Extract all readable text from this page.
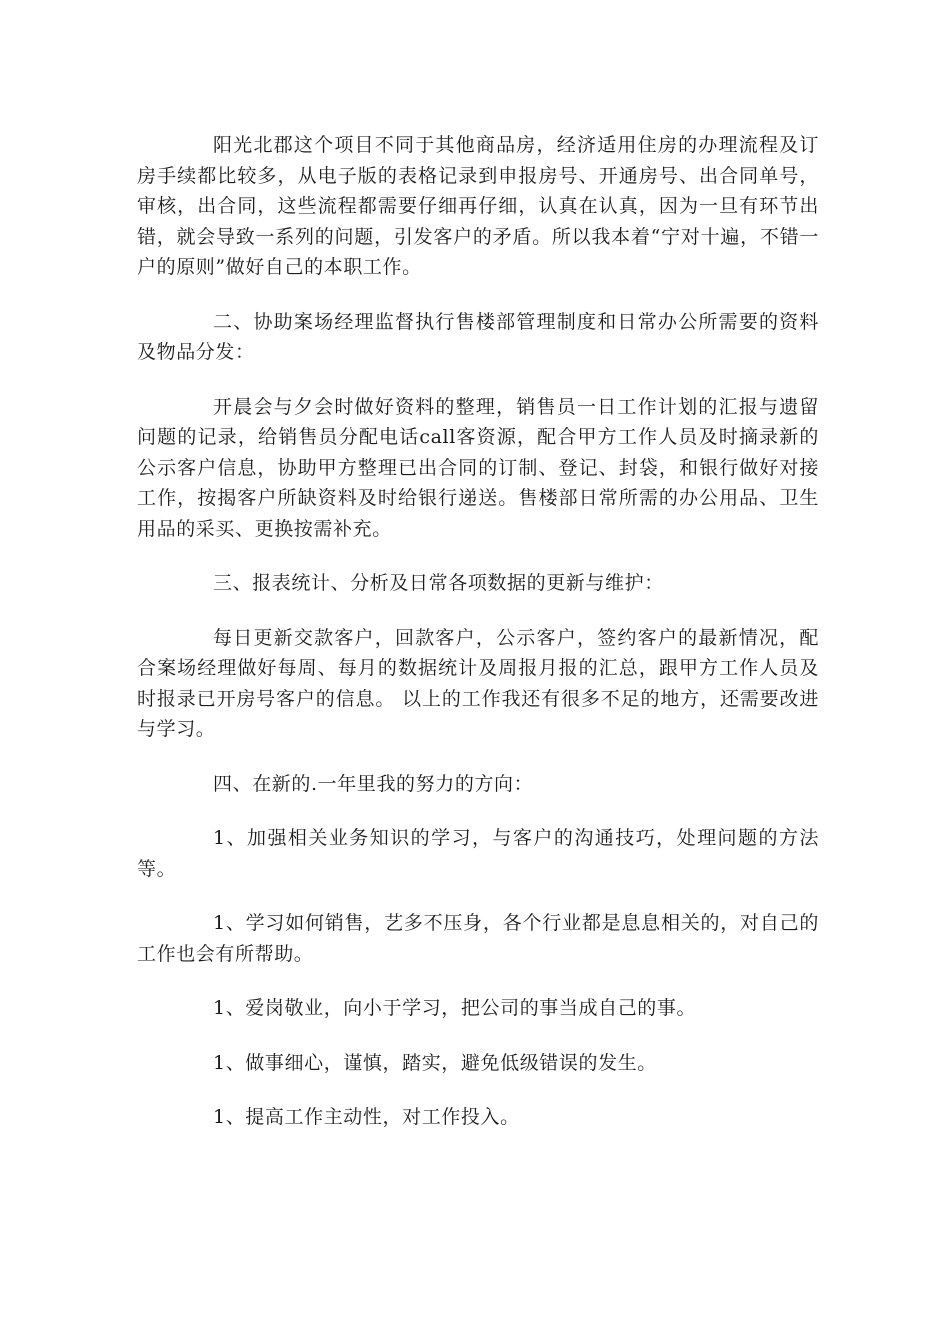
阳光北郡这个项目不同于其他商品房，经济适用住房的办理流程及订房手续都比较多，从电子版的表格记录到申报房号、开通房号、出合同单号，审核，出合同，这些流程都需要仔细再仔细，认真在认真，因为一旦有环节出错，就会导致一系列的问题，引发客户的矛盾。所以我本着“宁对十遍，不错一户的原则”做好自己的本职工作。

二、协助案场经理监督执行售楼部管理制度和日常办公所需要的资料及物品分发：

开晨会与夕会时做好资料的整理，销售员一日工作计划的汇报与遗留问题的记录，给销售员分配电话call客资源，配合甲方工作人员及时摘录新的公示客户信息，协助甲方整理已出合同的订制、登记、封袋，和银行做好对接工作，按揭客户所缺资料及时给银行递送。售楼部日常所需的办公用品、卫生用品的采买、更换按需补充。

三、报表统计、分析及日常各项数据的更新与维护：

每日更新交款客户，回款客户，公示客户，签约客户的最新情况，配合案场经理做好每周、每月的数据统计及周报月报的汇总，跟甲方工作人员及时报录已开房号客户的信息。 以上的工作我还有很多不足的地方，还需要改进与学习。

四、在新的.一年里我的努力的方向：

1、加强相关业务知识的学习，与客户的沟通技巧，处理问题的方法等。

1、学习如何销售，艺多不压身，各个行业都是息息相关的，对自己的工作也会有所帮助。

1、爱岗敬业，向小于学习，把公司的事当成自己的事。

1、做事细心，谨慎，踏实，避免低级错误的发生。

1、提高工作主动性，对工作投入。
